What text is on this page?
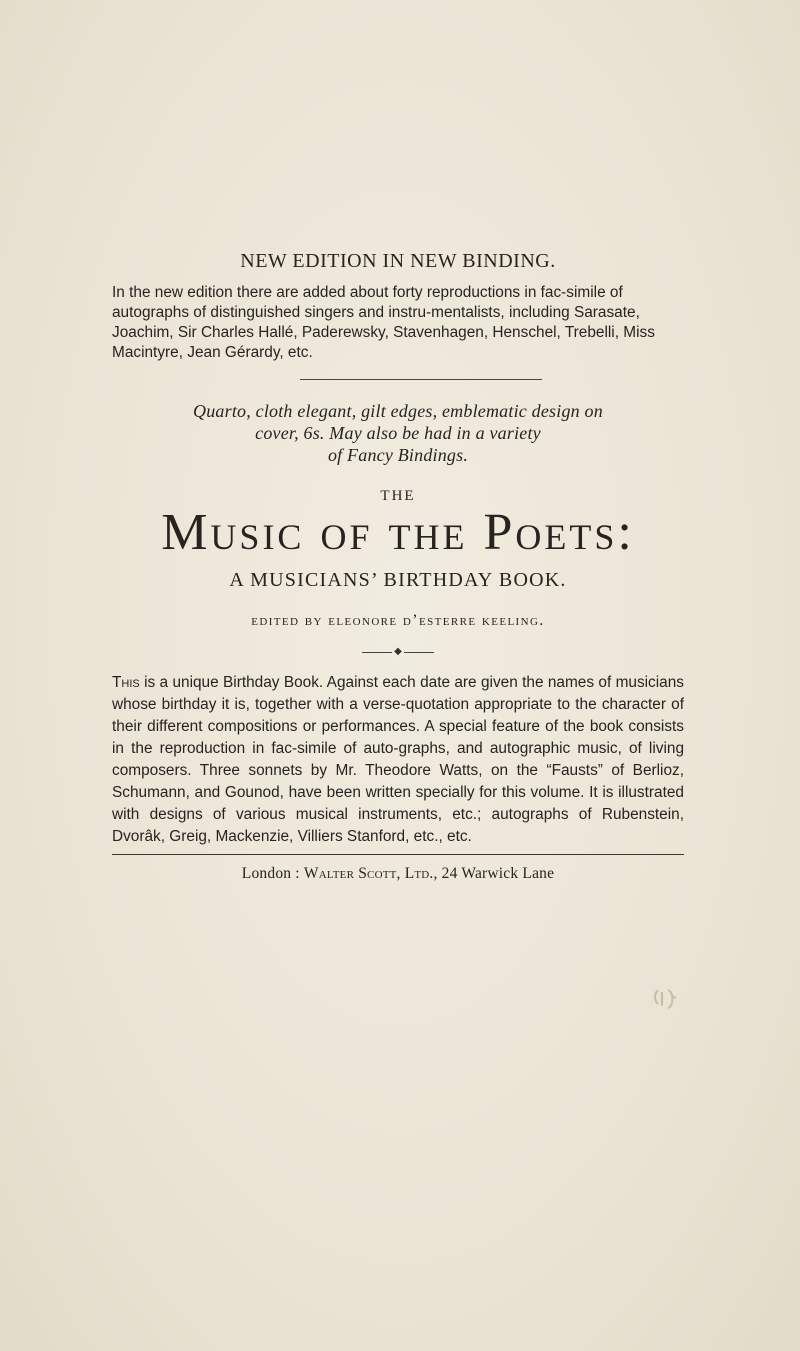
NEW EDITION IN NEW BINDING.

In the new edition there are added about forty reproductions in fac-simile of autographs of distinguished singers and instru-mentalists, including Sarasate, Joachim, Sir Charles Hallé, Paderewsky, Stavenhagen, Henschel, Trebelli, Miss Macintyre, Jean Gérardy, etc.

Quarto, cloth elegant, gilt edges, emblematic design on
cover, 6s. May also be had in a variety
of Fancy Bindings.
THE
Music of the Poets:
A MUSICIANS’ BIRTHDAY BOOK.
edited by eleonore d’esterre keeling.
◆

This is a unique Birthday Book. Against each date are given the names of musicians whose birthday it is, together with a verse-quotation appropriate to the character of their different compositions or performances. A special feature of the book consists in the reproduction in fac-simile of auto-graphs, and autographic music, of living composers. Three sonnets by Mr. Theodore Watts, on the “Fausts” of Berlioz, Schumann, and Gounod, have been written specially for this volume. It is illustrated with designs of various musical instruments, etc.; autographs of Rubenstein, Dvorâk, Greig, Mackenzie, Villiers Stanford, etc., etc.

London : Walter Scott, Ltd., 24 Warwick Lane
